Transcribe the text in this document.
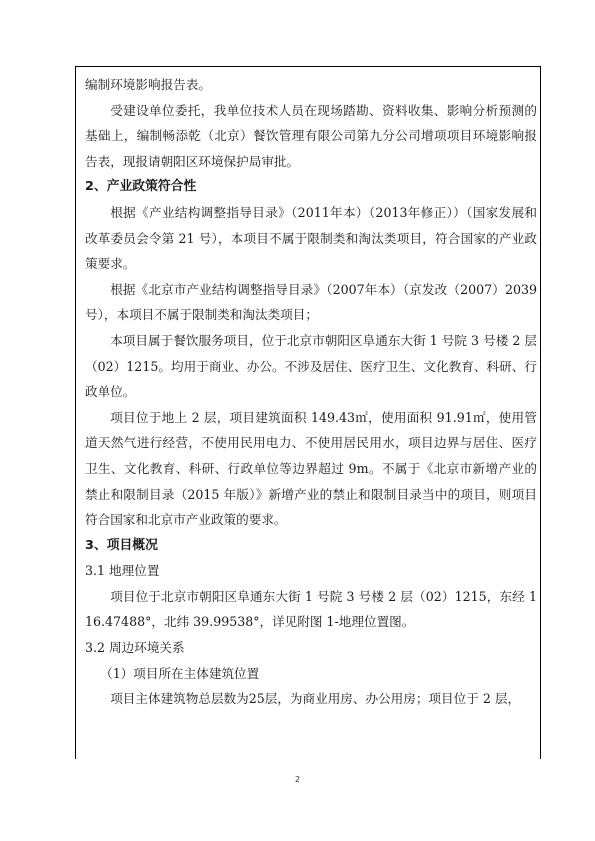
编制环境影响报告表。

受建设单位委托，我单位技术人员在现场踏勘、资料收集、影响分析预测的基础上，编制畅添乾（北京）餐饮管理有限公司第九分公司增项项目环境影响报告表，现报请朝阳区环境保护局审批。

2、产业政策符合性

根据《产业结构调整指导目录》（2011年本）（2013年修正））（国家发展和改革委员会令第 21 号），本项目不属于限制类和淘汰类项目，符合国家的产业政策要求。

根据《北京市产业结构调整指导目录》（2007年本）（京发改（2007）2039号），本项目不属于限制类和淘汰类项目；

本项目属于餐饮服务项目，位于北京市朝阳区阜通东大街 1 号院 3 号楼 2 层（02）1215。均用于商业、办公。不涉及居住、医疗卫生、文化教育、科研、行政单位。

项目位于地上 2 层，项目建筑面积 149.43㎡，使用面积 91.91㎡，使用管道天然气进行经营，不使用民用电力、不使用居民用水，项目边界与居住、医疗卫生、文化教育、科研、行政单位等边界超过 9m。不属于《北京市新增产业的禁止和限制目录（2015 年版）》新增产业的禁止和限制目录当中的项目，则项目符合国家和北京市产业政策的要求。

3、项目概况

3.1 地理位置

项目位于北京市朝阳区阜通东大街 1 号院 3 号楼 2 层（02）1215，东经 116.47488°，北纬 39.99538°，详见附图 1-地理位置图。

3.2 周边环境关系

（1）项目所在主体建筑位置

项目主体建筑物总层数为25层，为商业用房、办公用房；项目位于 2 层，

2
